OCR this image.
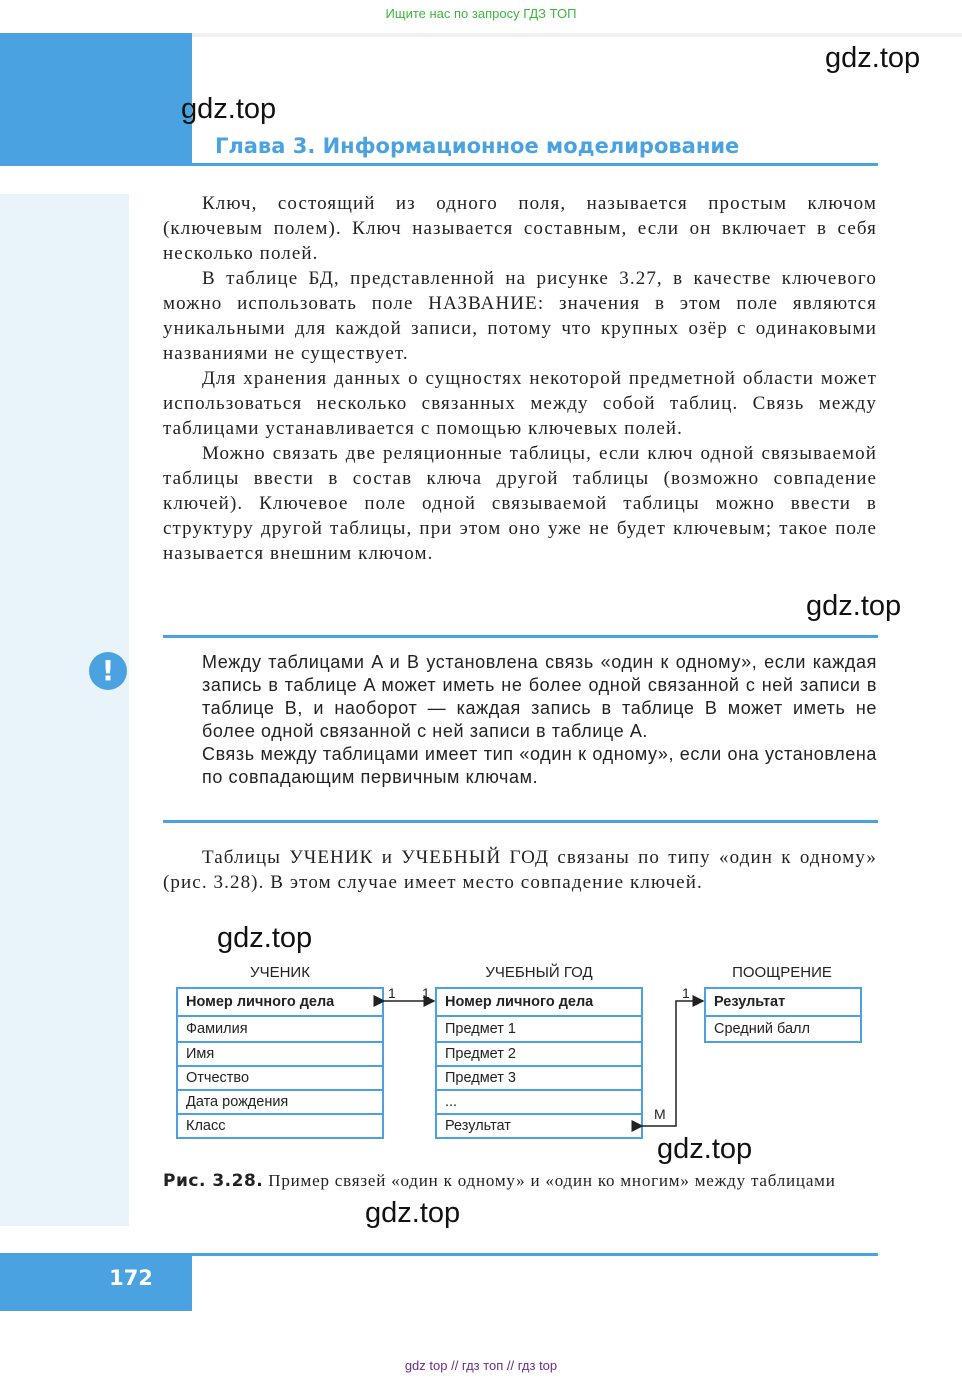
Ищите нас по запросу ГДЗ ТОП
Глава 3. Информационное моделирование
gdz.top
gdz.top

Ключ, состоящий из одного поля, называется простым ключом (ключевым полем). Ключ называется составным, если он включает в себя несколько полей.

В таблице БД, представленной на рисунке 3.27, в качестве ключевого можно использовать поле НАЗВАНИЕ: значения в этом поле являются уникальными для каждой записи, потому что крупных озёр с одинаковыми названиями не существует.

Для хранения данных о сущностях некоторой предметной области может использоваться несколько связанных между собой таблиц. Связь между таблицами устанавливается с помощью ключевых полей.

Можно связать две реляционные таблицы, если ключ одной связываемой таблицы ввести в состав ключа другой таблицы (возможно совпадение ключей). Ключевое поле одной связываемой таблицы можно ввести в структуру другой таблицы, при этом оно уже не будет ключевым; такое поле называется внешним ключом.

gdz.top
!	Между таблицами A и B установлена связь «один к одному», если каждая запись в таблице A может иметь не более одной связанной с ней записи в таблице B, и наоборот — каждая запись в таблице B может иметь не более одной связанной с ней записи в таблице A.

Связь между таблицами имеет тип «один к одному», если она установлена по совпадающим первичным ключам.

Таблицы УЧЕНИК и УЧЕБНЫЙ ГОД связаны по типу «один к одному» (рис. 3.28). В этом случае имеет место совпадение ключей.

gdz.top
УЧЕНИК	УЧЕБНЫЙ ГОД	ПООЩРЕНИЕ
Номер личного дела
Фамилия
Имя
Отчество
Дата рождения
Класс
Номер личного дела
Предмет 1
Предмет 2
Предмет 3
...
Результат
Результат
Средний балл
1 1	1
M
gdz.top
Рис. 3.28. Пример связей «один к одному» и «один ко многим» между таблицами
gdz.top
172
gdz top // гдз топ // гдз top
